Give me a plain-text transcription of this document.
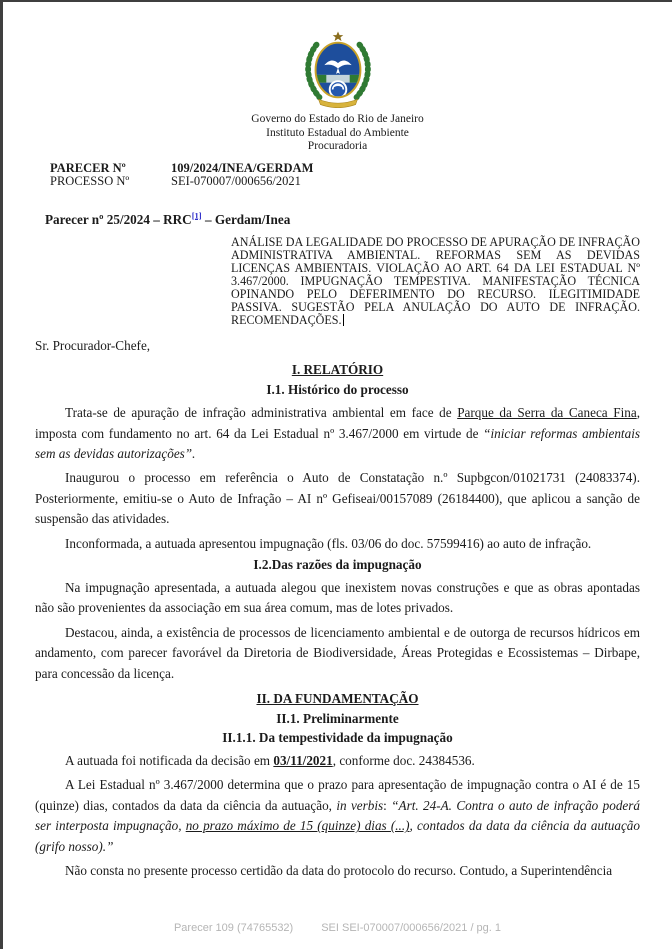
Governo do Estado do Rio de Janeiro
Instituto Estadual do Ambiente
Procuradoria
PARECER Nº	109/2024/INEA/GERDAM
PROCESSO Nº	SEI-070007/000656/2021
Parecer nº 25/2024 – RRC[1] – Gerdam/Inea
ANÁLISE DA LEGALIDADE DO PROCESSO DE APURAÇÃO DE INFRAÇÃO ADMINISTRATIVA AMBIENTAL. REFORMAS SEM AS DEVIDAS LICENÇAS AMBIENTAIS. VIOLAÇÃO AO ART. 64 DA LEI ESTADUAL Nº 3.467/2000. IMPUGNAÇÃO TEMPESTIVA. MANIFESTAÇÃO TÉCNICA OPINANDO PELO DEFERIMENTO DO RECURSO. ILEGITIMIDADE PASSIVA. SUGESTÃO PELA ANULAÇÃO DO AUTO DE INFRAÇÃO. RECOMENDAÇÕES.
Sr. Procurador-Chefe,
I. RELATÓRIO
I.1. Histórico do processo
Trata-se de apuração de infração administrativa ambiental em face de Parque da Serra da Caneca Fina, imposta com fundamento no art. 64 da Lei Estadual nº 3.467/2000 em virtude de “iniciar reformas ambientais sem as devidas autorizações”.
Inaugurou o processo em referência o Auto de Constatação n.º Supbgcon/01021731 (24083374). Posteriormente, emitiu-se o Auto de Infração – AI nº Gefiseai/00157089 (26184400), que aplicou a sanção de suspensão das atividades.
Inconformada, a autuada apresentou impugnação (fls. 03/06 do doc. 57599416) ao auto de infração.
I.2.Das razões da impugnação
Na impugnação apresentada, a autuada alegou que inexistem novas construções e que as obras apontadas não são provenientes da associação em sua área comum, mas de lotes privados.
Destacou, ainda, a existência de processos de licenciamento ambiental e de outorga de recursos hídricos em andamento, com parecer favorável da Diretoria de Biodiversidade, Áreas Protegidas e Ecossistemas – Dirbape, para concessão da licença.
II. DA FUNDAMENTAÇÃO
II.1. Preliminarmente
II.1.1. Da tempestividade da impugnação
A autuada foi notificada da decisão em 03/11/2021, conforme doc. 24384536.
A Lei Estadual nº 3.467/2000 determina que o prazo para apresentação de impugnação contra o AI é de 15 (quinze) dias, contados da data da ciência da autuação, in verbis: “Art. 24-A. Contra o auto de infração poderá ser interposta impugnação, no prazo máximo de 15 (quinze) dias (...), contados da data da ciência da autuação (grifo nosso).”
Não consta no presente processo certidão da data do protocolo do recurso. Contudo, a Superintendência
Parecer 109 (74765532)	SEI SEI-070007/000656/2021 / pg. 1
